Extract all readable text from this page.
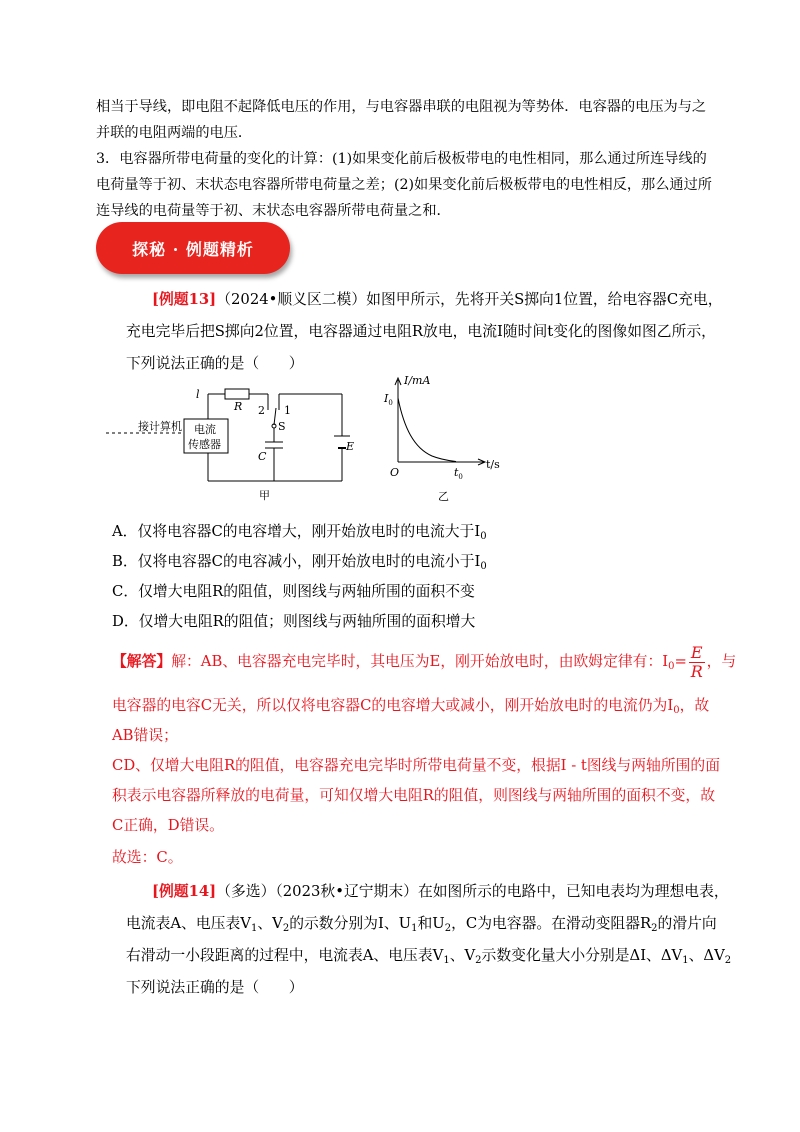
相当于导线，即电阻不起降低电压的作用，与电容器串联的电阻视为等势体．电容器的电压为与之
并联的电阻两端的电压．
3．电容器所带电荷量的变化的计算：(1)如果变化前后极板带电的电性相同，那么通过所连导线的
电荷量等于初、末状态电容器所带电荷量之差；(2)如果变化前后极板带电的电性相反，那么通过所
连导线的电荷量等于初、末状态电容器所带电荷量之和．
探秘 · 例题精析
[例题13]（2024•顺义区二模）如图甲所示，先将开关S掷向1位置，给电容器C充电，
充电完毕后把S掷向2位置，电容器通过电阻R放电，电流I随时间t变化的图像如图乙所示，
下列说法正确的是（　　）
l
R 2 1
S
接计算机 电流
传感器
C
E
甲
I/mA
$I_0$
O	$t_0$
t/s
乙
A．仅将电容器C的电容增大，刚开始放电时的电流大于$I_0$
B．仅将电容器C的电容减小，刚开始放电时的电流小于$I_0$
C．仅增大电阻R的阻值，则图线与两轴所围的面积不变
D．仅增大电阻R的阻值；则图线与两轴所围的面积增大
【解答】解：AB、电容器充电完毕时，其电压为E，刚开始放电时，由欧姆定律有：$I_0= \frac{E}{R}$ ，与
电容器的电容C无关，所以仅将电容器C的电容增大或减小，刚开始放电时的电流仍为$I_0$，故
AB错误；
CD、仅增大电阻R的阻值，电容器充电完毕时所带电荷量不变，根据I - t图线与两轴所围的面
积表示电容器所释放的电荷量，可知仅增大电阻R的阻值，则图线与两轴所围的面积不变，故
C正确，D错误。
故选：C。
[例题14]（多选）（2023秋•辽宁期末）在如图所示的电路中，已知电表均为理想电表，
电流表A、电压表$V_1$、$V_2$的示数分别为I、$U_1$和$U_2$，C为电容器。在滑动变阻器$R_2$的滑片向
右滑动一小段距离的过程中，电流表A、电压表$V_1$、$V_2$示数变化量大小分别是ΔI、$\Delta V_1$、$\Delta V_2$
下列说法正确的是（　　）
